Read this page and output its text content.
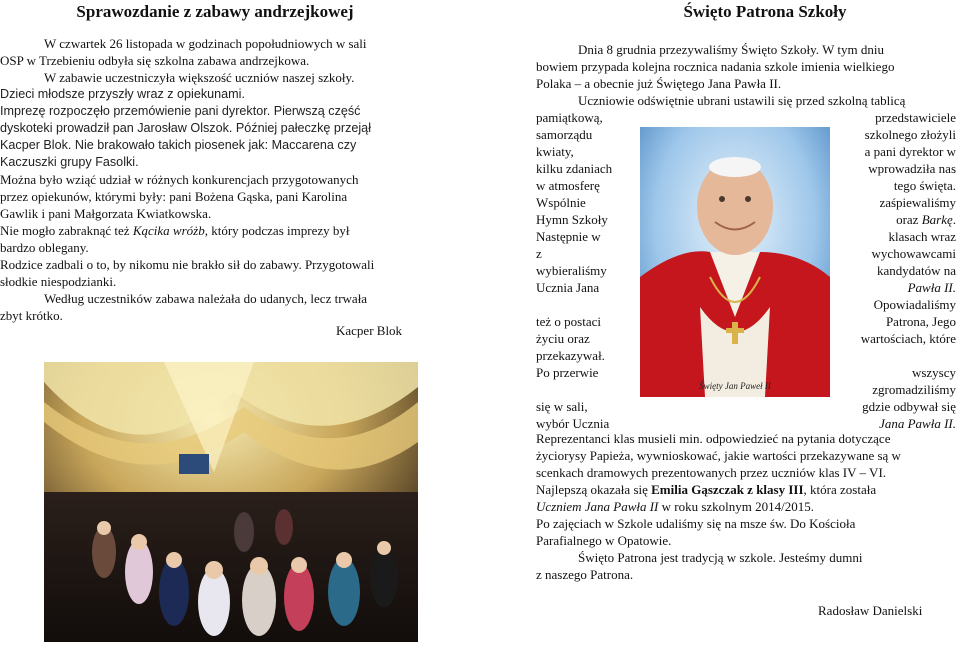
Sprawozdanie z zabawy andrzejkowej
W czwartek 26 listopada w godzinach popołudniowych w sali
OSP w Trzebieniu odbyła się szkolna zabawa andrzejkowa.
W zabawie uczestniczyła większość uczniów naszej szkoły.
Dzieci młodsze przyszły wraz z opiekunami.
Imprezę rozpoczęło przemówienie pani dyrektor. Pierwszą część
dyskoteki prowadził pan Jarosław Olszok. Później pałeczkę przejął
Kacper Blok. Nie brakowało takich piosenek jak: Maccarena czy
Kaczuszki grupy Fasolki.
Można było wziąć udział w różnych konkurencjach przygotowanych
przez opiekunów, którymi były: pani Bożena Gąska, pani Karolina
Gawlik i pani Małgorzata Kwiatkowska.
Nie mogło zabraknąć też Kącika wróżb, który podczas imprezy był
bardzo oblegany.
Rodzice zadbali o to, by nikomu nie brakło sił do zabawy. Przygotowali
słodkie niespodzianki.
Według uczestników zabawa należała do udanych, lecz trwała
zbyt krótko.
Kacper Blok
Święto Patrona Szkoły
Dnia 8 grudnia przezywaliśmy Święto Szkoły. W tym dniu
bowiem przypada kolejna rocznica nadania szkole imienia wielkiego
Polaka – a obecnie już Świętego Jana Pawła II.
Uczniowie odświętnie ubrani ustawili się przed szkolną tablicą
pamiątkową,
samorządu
kwiaty,
kilku zdaniach
w atmosferę
Wspólnie
Hymn Szkoły
Następnie w
z
wybieraliśmy
Ucznia Jana
też o postaci
życiu oraz
przekazywał.
Po przerwie
się w sali,
wybór Ucznia
przedstawiciele
szkolnego złożyli
a pani dyrektor w
wprowadziła nas
tego święta.
zaśpiewaliśmy
oraz Barkę.
klasach wraz
wychowawcami
kandydatów na
Pawła II.
Opowiadaliśmy
Patrona, Jego
wartościach, które
wszyscy
zgromadziliśmy
gdzie odbywał się
Jana Pawła II.
Święty Jan Paweł II
Reprezentanci klas musieli min. odpowiedzieć na pytania dotyczące
życiorysy Papieża, wywnioskować, jakie wartości przekazywane są w
scenkach dramowych prezentowanych przez uczniów klas IV – VI.
Najlepszą okazała się Emilia Gąszczak z klasy III, która została
Uczniem Jana Pawła II w roku szkolnym 2014/2015.
Po zajęciach w Szkole udaliśmy się na msze św. Do Kościoła
Parafialnego w Opatowie.
Święto Patrona jest tradycją w szkole. Jesteśmy dumni
z naszego Patrona.
Radosław Danielski
